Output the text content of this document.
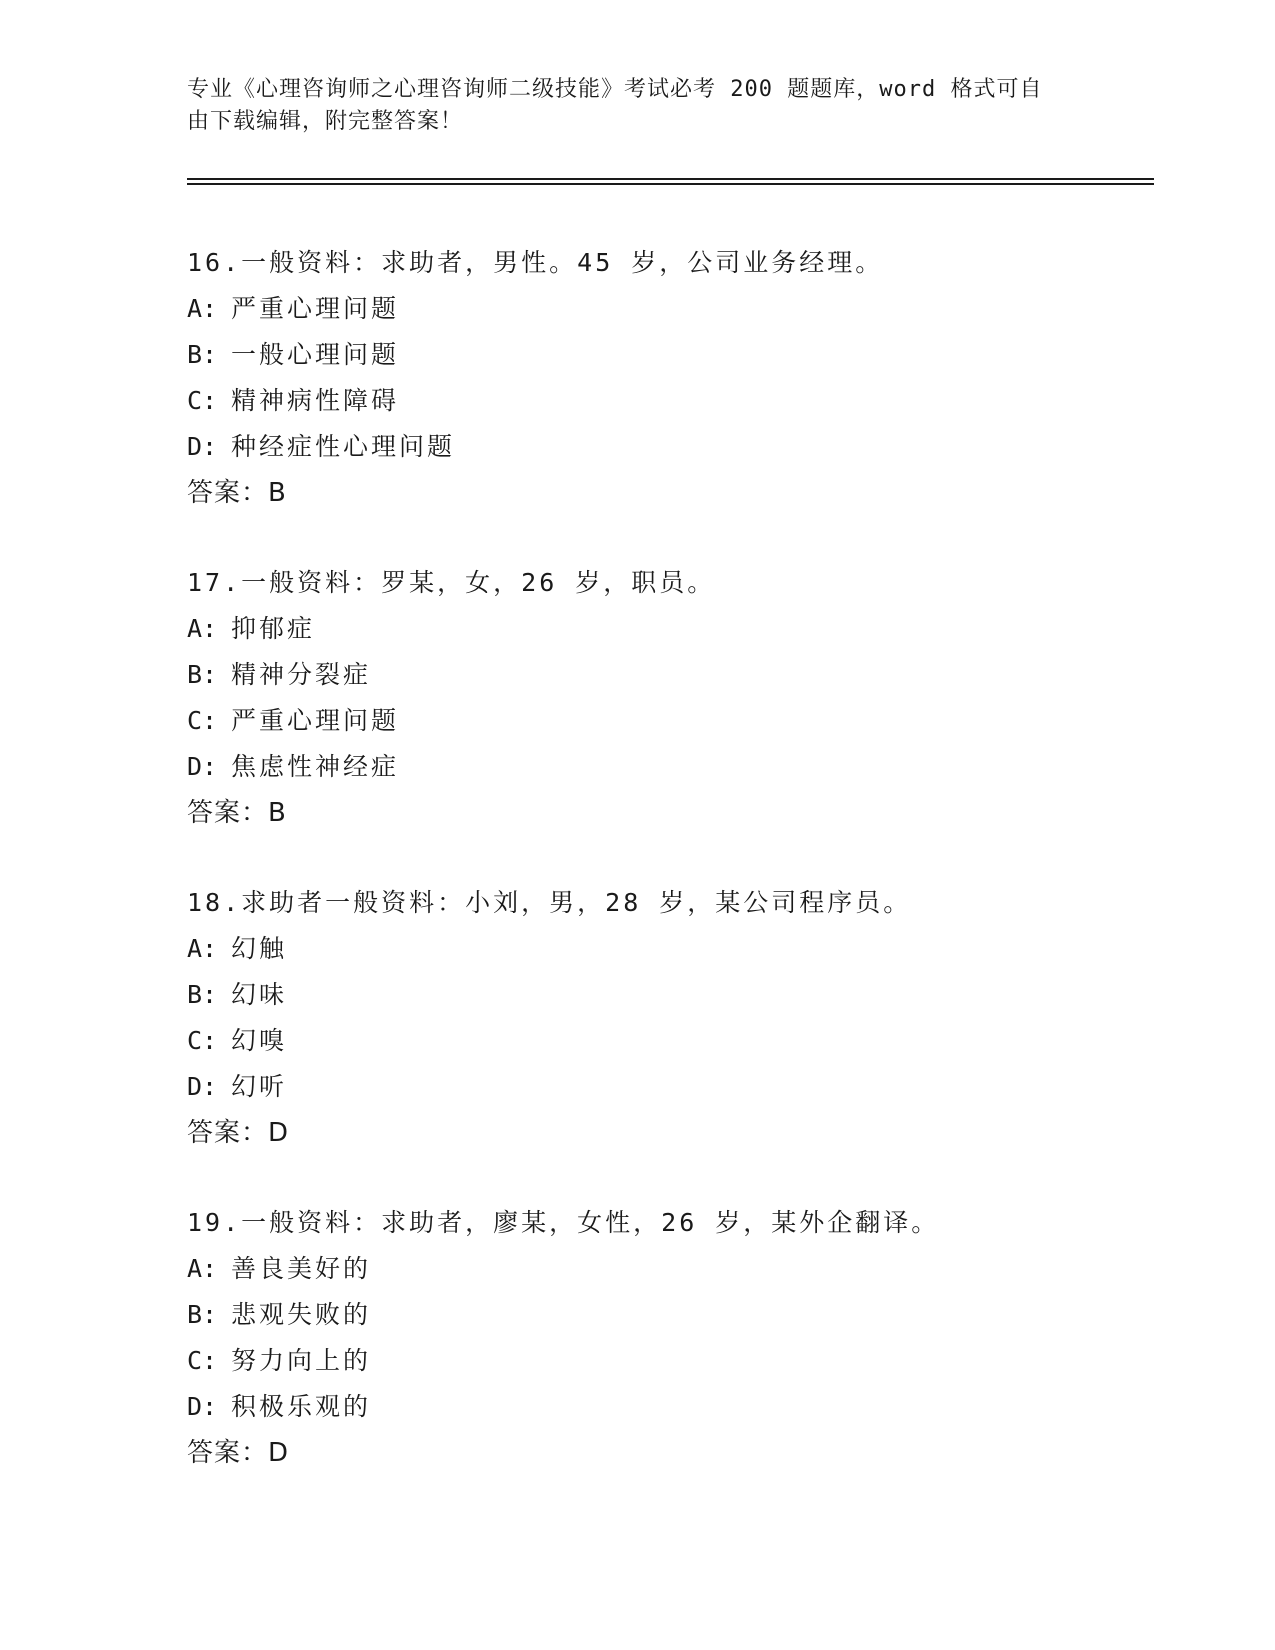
专业《心理咨询师之心理咨询师二级技能》考试必考 200 题题库，word 格式可自
由下载编辑，附完整答案！
16.一般资料：求助者，男性。45 岁，公司业务经理。
A: 严重心理问题
B: 一般心理问题
C: 精神病性障碍
D: 种经症性心理问题
答案：B
17.一般资料：罗某，女，26 岁，职员。
A: 抑郁症
B: 精神分裂症
C: 严重心理问题
D: 焦虑性神经症
答案：B
18.求助者一般资料：小刘，男，28 岁，某公司程序员。
A: 幻触
B: 幻味
C: 幻嗅
D: 幻听
答案：D
19.一般资料：求助者，廖某，女性，26 岁，某外企翻译。
A: 善良美好的
B: 悲观失败的
C: 努力向上的
D: 积极乐观的
答案：D
